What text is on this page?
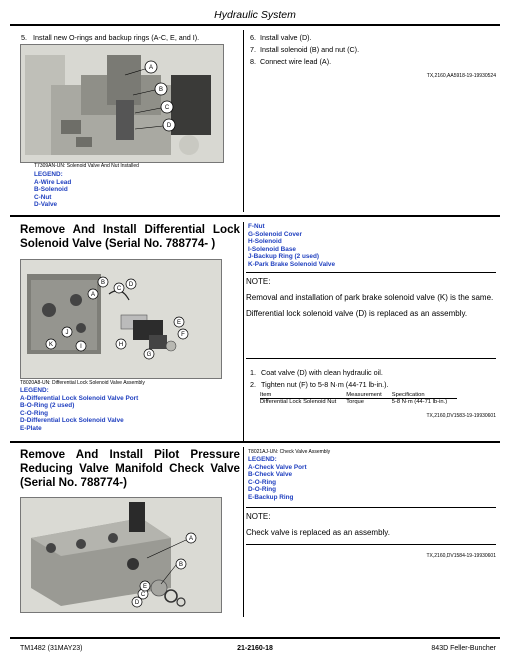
Hydraulic System
5. Install new O-rings and backup rings (A-C, E, and I).
A
B
C
D
T7309AN-UN: Solenoid Valve And Nut Installed
LEGEND:
A-Wire Lead
B-Solenoid
C-Nut
D-Valve
6. Install valve (D).
7. Install solenoid (B) and nut (C).
8. Connect wire lead (A).
TX,2160,AA5918-19-19930524
Remove And Install Differential Lock Solenoid Valve (Serial No. 788774- )
A
B
C
D
E
F
G
H
I
J
K
T8020A8-UN: Differential Lock Solenoid Valve Assembly
LEGEND:
A-Differential Lock Solenoid Valve Port
B-O-Ring (2 used)
C-O-Ring
D-Differential Lock Solenoid Valve
E-Plate
F-Nut
G-Solenoid Cover
H-Solenoid
I-Solenoid Base
J-Backup Ring (2 used)
K-Park Brake Solenoid Valve
NOTE:
Removal and installation of park brake solenoid valve (K) is the same.
Differential lock solenoid valve (D) is replaced as an assembly.
1. Coat valve (D) with clean hydraulic oil.
2. Tighten nut (F) to 5-8 N·m (44-71 lb-in.).
Item	Measurement	Specification
Differential Lock Solenoid Nut	Torque	5-8 N·m (44-71 lb-in.)
TX,2160,DV1583-19-19930601
Remove And Install Pilot Pressure Reducing Valve Manifold Check Valve (Serial No. 788774-)
A
B
C
D
E
T8021AJ-UN: Check Valve Assembly
LEGEND:
A-Check Valve Port
B-Check Valve
C-O-Ring
D-O-Ring
E-Backup Ring
NOTE:
Check valve is replaced as an assembly.
TX,2160,DV1584-19-19930601
TM1482 (31MAY23)	21-2160-18	843D Feller-Buncher
